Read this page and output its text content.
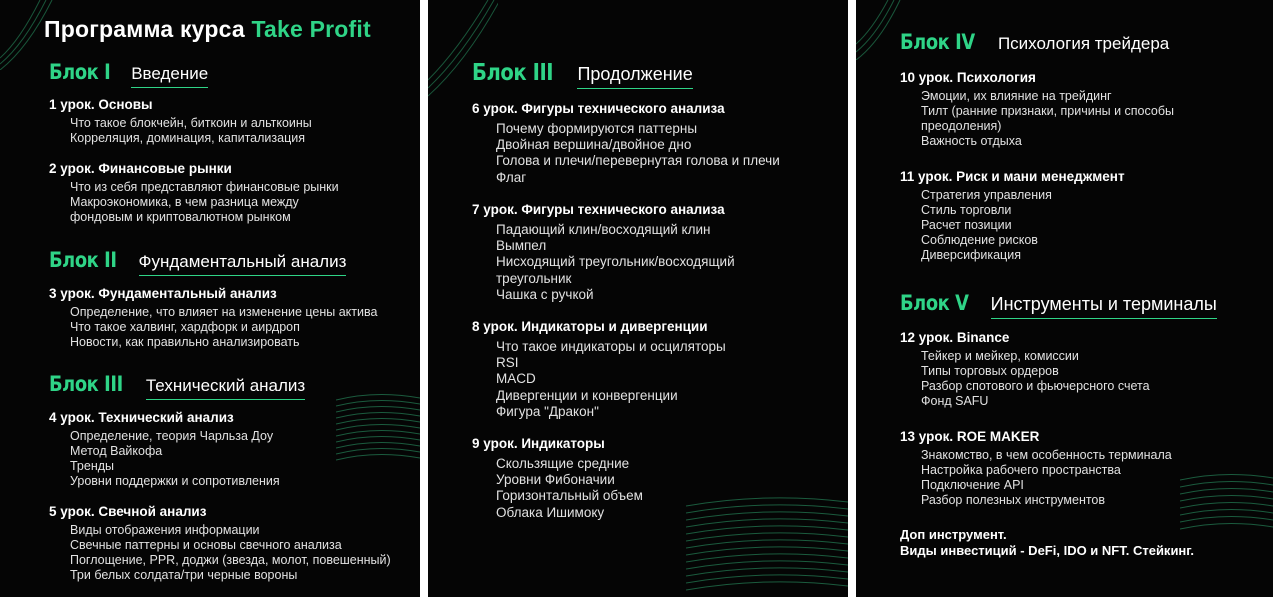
Программа курса Take Profit
Блок I Введение
1 урок. Основы
Что такое блокчейн, биткоин и альткоины
Корреляция, доминация, капитализация
2 урок. Финансовые рынки
Что из себя представляют финансовые рынки
Макроэкономика, в чем разница между
фондовым и криптовалютном рынком
Блок II Фундаментальный анализ
3 урок. Фундаментальный анализ
Определение, что влияет на изменение цены актива
Что такое халвинг, хардфорк и аирдроп
Новости, как правильно анализировать
Блок III Технический анализ
4 урок. Технический анализ
Определение, теория Чарльза Доу
Метод Вайкофа
Тренды
Уровни поддержки и сопротивления
5 урок. Свечной анализ
Виды отображения информации
Свечные паттерны и основы свечного анализа
Поглощение, PPR, доджи (звезда, молот, повешенный)
Три белых солдата/три черные вороны
Блок III Продолжение
6 урок. Фигуры технического анализа
Почему формируются паттерны
Двойная вершина/двойное дно
Голова и плечи/перевернутая голова и плечи
Флаг
7 урок. Фигуры технического анализа
Падающий клин/восходящий клин
Вымпел
Нисходящий треугольник/восходящий
треугольник
Чашка с ручкой
8 урок. Индикаторы и дивергенции
Что такое индикаторы и осциляторы
RSI
MACD
Дивергенции и конвергенции
Фигура "Дракон"
9 урок. Индикаторы
Скользящие средние
Уровни Фибоначии
Горизонтальный объем
Облака Ишимоку
Блок IV Психология трейдера
10 урок. Психология
Эмоции, их влияние на трейдинг
Тилт (ранние признаки, причины и способы
преодоления)
Важность отдыха
11 урок. Риск и мани менеджмент
Стратегия управления
Стиль торговли
Расчет позиции
Соблюдение рисков
Диверсификация
Блок V Инструменты и терминалы
12 урок. Binance
Тейкер и мейкер, комиссии
Типы торговых ордеров
Разбор спотового и фьючерсного счета
Фонд SAFU
13 урок. ROE MAKER
Знакомство, в чем особенность терминала
Настройка рабочего пространства
Подключение API
Разбор полезных инструментов
Доп инструмент.
Виды инвестиций - DeFi, IDO и NFT. Стейкинг.
